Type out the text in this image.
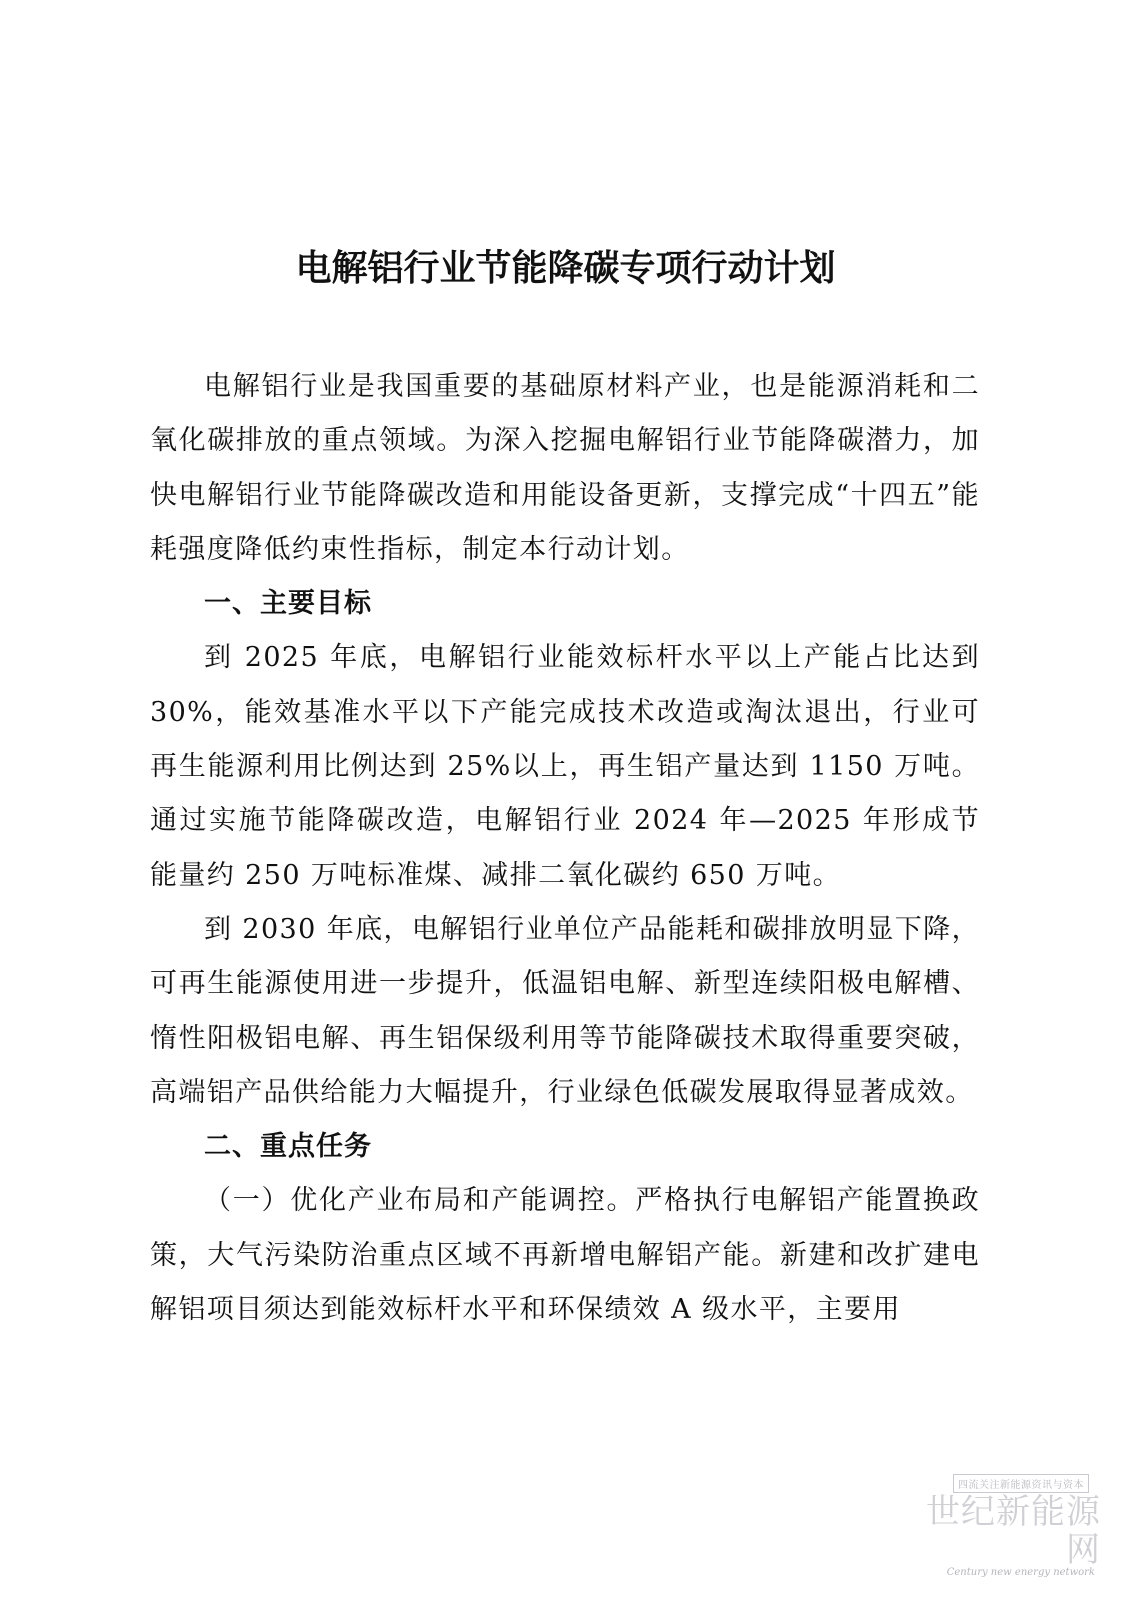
电解铝行业节能降碳专项行动计划

电解铝行业是我国重要的基础原材料产业，也是能源消耗和二氧化碳排放的重点领域。为深入挖掘电解铝行业节能降碳潜力，加快电解铝行业节能降碳改造和用能设备更新，支撑完成“十四五”能耗强度降低约束性指标，制定本行动计划。

一、主要目标

到 2025 年底，电解铝行业能效标杆水平以上产能占比达到 30%，能效基准水平以下产能完成技术改造或淘汰退出，行业可再生能源利用比例达到 25%以上，再生铝产量达到 1150 万吨。通过实施节能降碳改造，电解铝行业 2024 年—2025 年形成节能量约 250 万吨标准煤、减排二氧化碳约 650 万吨。

到 2030 年底，电解铝行业单位产品能耗和碳排放明显下降，可再生能源使用进一步提升，低温铝电解、新型连续阳极电解槽、惰性阳极铝电解、再生铝保级利用等节能降碳技术取得重要突破，高端铝产品供给能力大幅提升，行业绿色低碳发展取得显著成效。

二、重点任务

（一）优化产业布局和产能调控。严格执行电解铝产能置换政策，大气污染防治重点区域不再新增电解铝产能。新建和改扩建电解铝项目须达到能效标杆水平和环保绩效 A 级水平，主要用

四流关注新能源资讯与资本
世纪新能源网
Century new energy network
